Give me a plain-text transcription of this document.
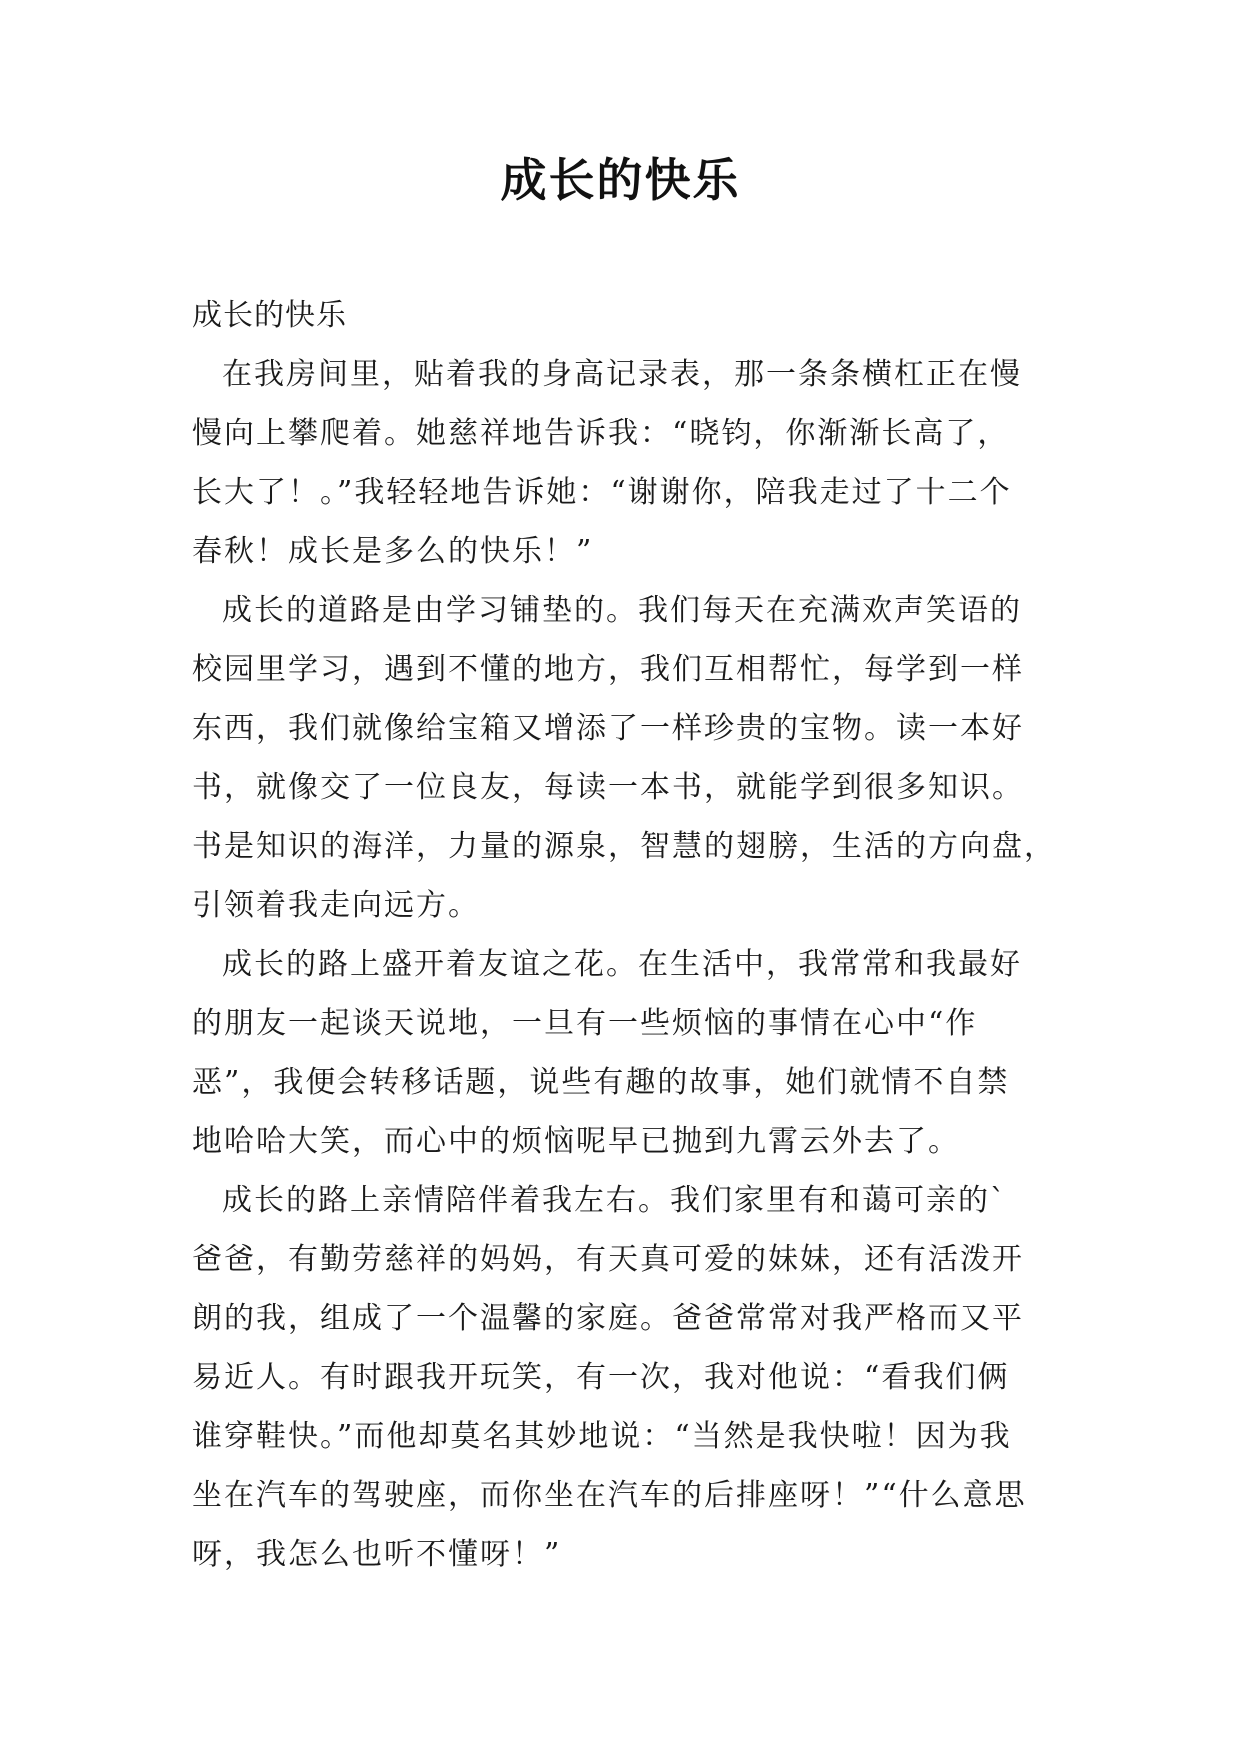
成长的快乐
成长的快乐
在我房间里，贴着我的身高记录表，那一条条横杠正在慢
慢向上攀爬着。她慈祥地告诉我：“晓钧，你渐渐长高了，
长大了！。”我轻轻地告诉她：“谢谢你，陪我走过了十二个
春秋！成长是多么的快乐！”
成长的道路是由学习铺垫的。我们每天在充满欢声笑语的
校园里学习，遇到不懂的地方，我们互相帮忙，每学到一样
东西，我们就像给宝箱又增添了一样珍贵的宝物。读一本好
书，就像交了一位良友，每读一本书，就能学到很多知识。
书是知识的海洋，力量的源泉，智慧的翅膀，生活的方向盘，
引领着我走向远方。
成长的路上盛开着友谊之花。在生活中，我常常和我最好
的朋友一起谈天说地，一旦有一些烦恼的事情在心中“作
恶”，我便会转移话题，说些有趣的故事，她们就情不自禁
地哈哈大笑，而心中的烦恼呢早已抛到九霄云外去了。
成长的路上亲情陪伴着我左右。我们家里有和蔼可亲的`
爸爸，有勤劳慈祥的妈妈，有天真可爱的妹妹，还有活泼开
朗的我，组成了一个温馨的家庭。爸爸常常对我严格而又平
易近人。有时跟我开玩笑，有一次，我对他说：“看我们俩
谁穿鞋快。”而他却莫名其妙地说：“当然是我快啦！因为我
坐在汽车的驾驶座，而你坐在汽车的后排座呀！”“什么意思
呀，我怎么也听不懂呀！”
